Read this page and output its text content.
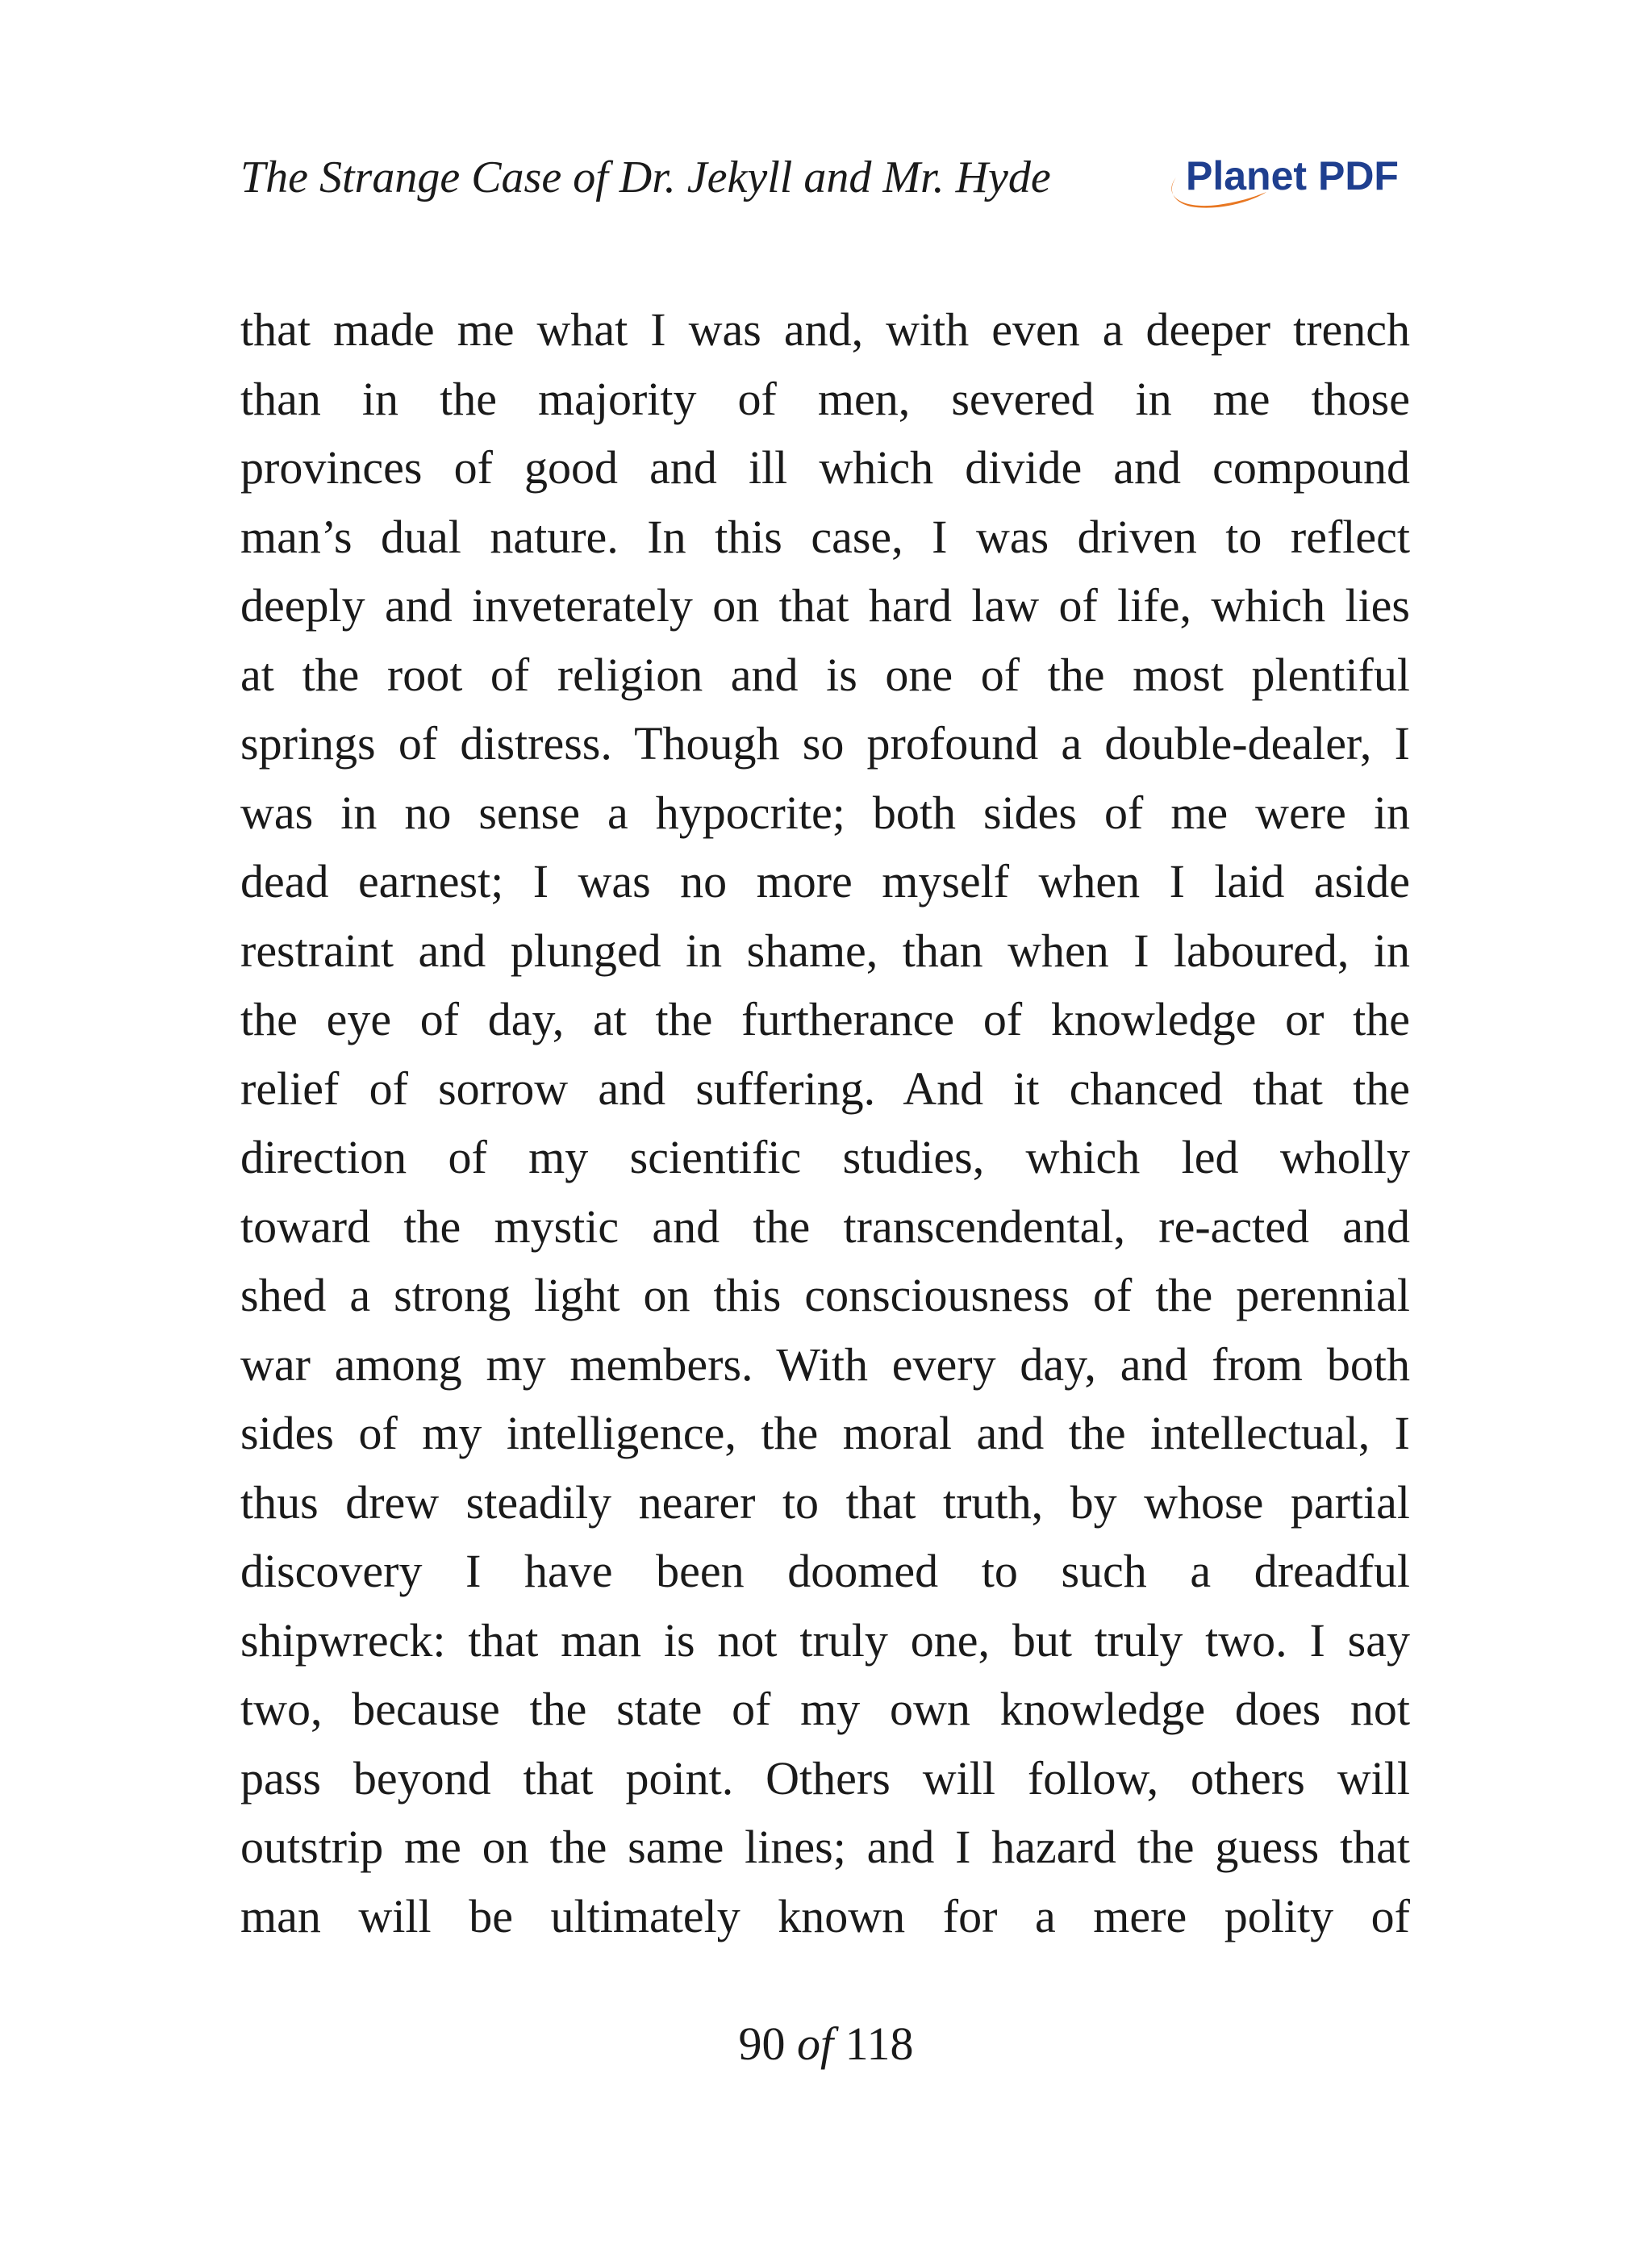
The Strange Case of Dr. Jekyll and Mr. Hyde	Planet PDF
that made me what I was and, with even a deeper trench
than in the majority of men, severed in me those
provinces of good and ill which divide and compound
man’s dual nature. In this case, I was driven to reflect
deeply and inveterately on that hard law of life, which lies
at the root of religion and is one of the most plentiful
springs of distress. Though so profound a double-dealer, I
was in no sense a hypocrite; both sides of me were in
dead earnest; I was no more myself when I laid aside
restraint and plunged in shame, than when I laboured, in
the eye of day, at the furtherance of knowledge or the
relief of sorrow and suffering. And it chanced that the
direction of my scientific studies, which led wholly
toward the mystic and the transcendental, re-acted and
shed a strong light on this consciousness of the perennial
war among my members. With every day, and from both
sides of my intelligence, the moral and the intellectual, I
thus drew steadily nearer to that truth, by whose partial
discovery I have been doomed to such a dreadful
shipwreck: that man is not truly one, but truly two. I say
two, because the state of my own knowledge does not
pass beyond that point. Others will follow, others will
outstrip me on the same lines; and I hazard the guess that
man will be ultimately known for a mere polity of
90 of 118
